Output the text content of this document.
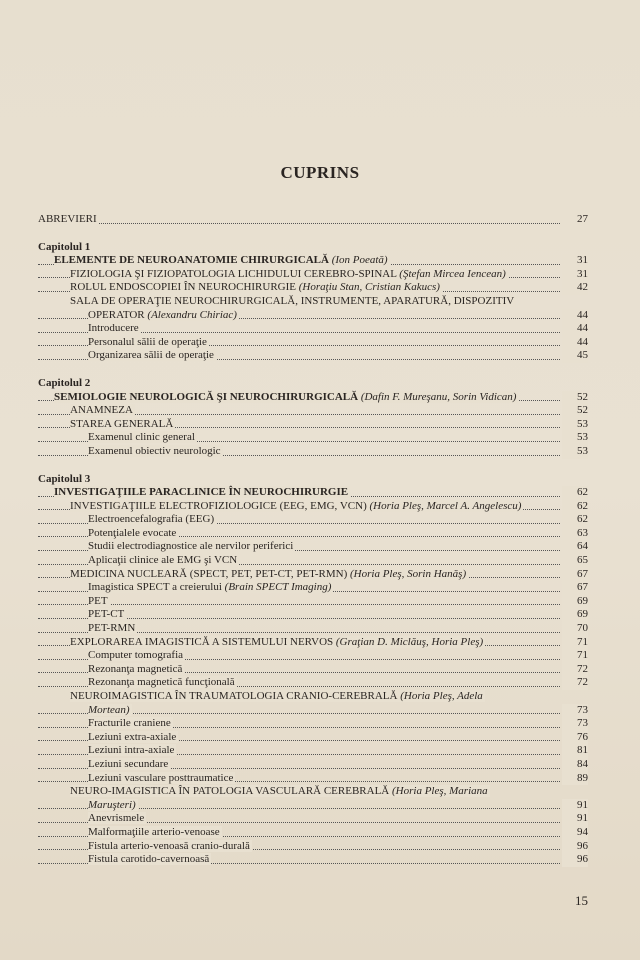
CUPRINS
ABREVIERI	27
Capitolul 1
ELEMENTE DE NEUROANATOMIE CHIRURGICALĂ (Ion Poeată)	31
FIZIOLOGIA ŞI FIZIOPATOLOGIA LICHIDULUI CEREBRO-SPINAL (Ştefan Mircea Iencean)	31
ROLUL ENDOSCOPIEI ÎN NEUROCHIRURGIE (Horaţiu Stan, Cristian Kakucs)	42
SALA DE OPERAŢIE NEUROCHIRURGICALĂ, INSTRUMENTE, APARATURĂ, DISPOZITIV
OPERATOR (Alexandru Chiriac)	44
Introducere	44
Personalul sălii de operaţie	44
Organizarea sălii de operaţie	45
Capitolul 2
SEMIOLOGIE NEUROLOGICĂ ŞI NEUROCHIRURGICALĂ (Dafin F. Mureşanu, Sorin Vidican)	52
ANAMNEZA	52
STAREA GENERALĂ	53
Examenul clinic general	53
Examenul obiectiv neurologic	53
Capitolul 3
INVESTIGAŢIILE PARACLINICE ÎN NEUROCHIRURGIE	62
INVESTIGAŢIILE ELECTROFIZIOLOGICE (EEG, EMG, VCN) (Horia Pleş, Marcel A. Angelescu)	62
Electroencefalografia (EEG)	62
Potenţialele evocate	63
Studii electrodiagnostice ale nervilor periferici	64
Aplicaţii clinice ale EMG şi VCN	65
MEDICINA NUCLEARĂ (SPECT, PET, PET-CT, PET-RMN) (Horia Pleş, Sorin Hanăş)	67
Imagistica SPECT a creierului (Brain SPECT Imaging)	67
PET	69
PET-CT	69
PET-RMN	70
EXPLORAREA IMAGISTICĂ A SISTEMULUI NERVOS (Graţian D. Miclăuş, Horia Pleş)	71
Computer tomografia	71
Rezonanţa magnetică	72
Rezonanţa magnetică funcţională	72
NEUROIMAGISTICA ÎN TRAUMATOLOGIA CRANIO-CEREBRALĂ (Horia Pleş, Adela
Mortean)	73
Fracturile craniene	73
Leziuni extra-axiale	76
Leziuni intra-axiale	81
Leziuni secundare	84
Leziuni vasculare posttraumatice	89
NEURO-IMAGISTICA ÎN PATOLOGIA VASCULARĂ CEREBRALĂ (Horia Pleş, Mariana
Maruşteri)	91
Anevrismele	91
Malformaţiile arterio-venoase	94
Fistula arterio-venoasă cranio-durală	96
Fistula carotido-cavernoasă	96
15
